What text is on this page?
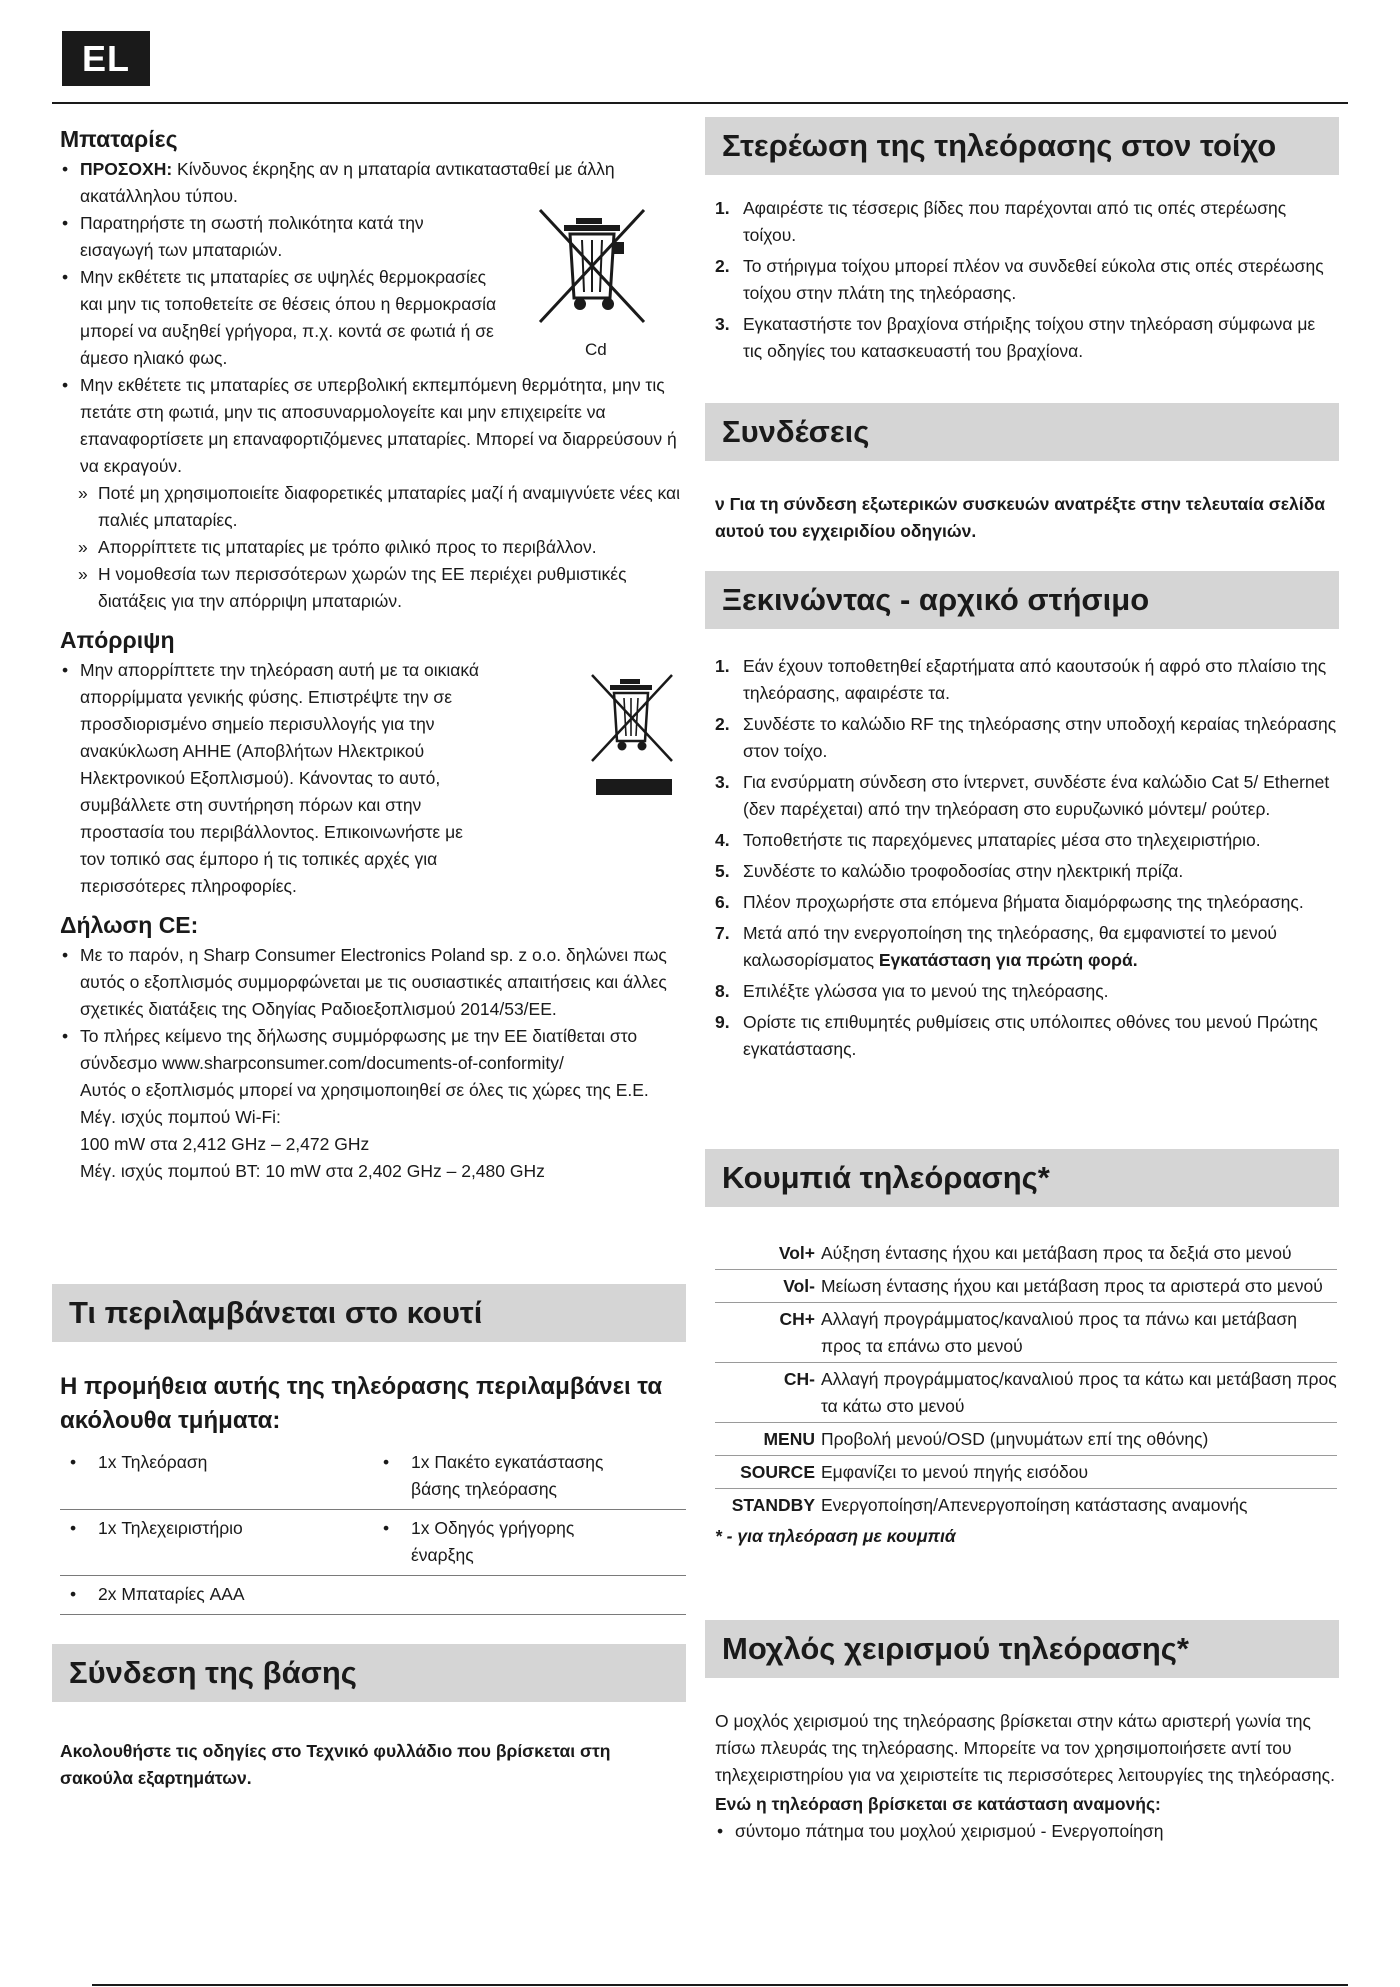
EL
Μπαταρίες
• ΠΡΟΣΟΧΗ: Κίνδυνος έκρηξης αν η μπαταρία αντικατασταθεί με άλλη ακατάλληλου τύπου.
• Παρατηρήστε τη σωστή πολικότητα κατά την εισαγωγή των μπαταριών.
• Μην εκθέτετε τις μπαταρίες σε υψηλές θερμοκρασίες και μην τις τοποθετείτε σε θέσεις όπου η θερμοκρασία μπορεί να αυξηθεί γρήγορα, π.χ. κοντά σε φωτιά ή σε άμεσο ηλιακό φως.
• Μην εκθέτετε τις μπαταρίες σε υπερβολική εκπεμπόμενη θερμότητα, μην τις πετάτε στη φωτιά, μην τις αποσυναρμολογείτε και μην επιχειρείτε να επαναφορτίσετε μη επαναφορτιζόμενες μπαταρίες. Μπορεί να διαρρεύσουν ή να εκραγούν.
» Ποτέ μη χρησιμοποιείτε διαφορετικές μπαταρίες μαζί ή αναμιγνύετε νέες και παλιές μπαταρίες.
» Απορρίπτετε τις μπαταρίες με τρόπο φιλικό προς το περιβάλλον.
» Η νομοθεσία των περισσότερων χωρών της ΕΕ περιέχει ρυθμιστικές διατάξεις για την απόρριψη μπαταριών.
Cd
Απόρριψη
• Μην απορρίπτετε την τηλεόραση αυτή με τα οικιακά απορρίμματα γενικής φύσης. Επιστρέψτε την σε προσδιορισμένο σημείο περισυλλογής για την ανακύκλωση ΑΗΗΕ (Αποβλήτων Ηλεκτρικού Ηλεκτρονικού Εξοπλισμού). Κάνοντας το αυτό, συμβάλλετε στη συντήρηση πόρων και στην προστασία του περιβάλλοντος. Επικοινωνήστε με τον τοπικό σας έμπορο ή τις τοπικές αρχές για περισσότερες πληροφορίες.
Δήλωση CE:
• Με το παρόν, η Sharp Consumer Electronics Poland sp. z o.o. δηλώνει πως αυτός ο εξοπλισμός συμμορφώνεται με τις ουσιαστικές απαιτήσεις και άλλες σχετικές διατάξεις της Οδηγίας Ραδιοεξοπλισμού 2014/53/ΕΕ.
• Το πλήρες κείμενο της δήλωσης συμμόρφωσης με την ΕΕ διατίθεται στο σύνδεσμο www.sharpconsumer.com/documents-of-conformity/
Αυτός ο εξοπλισμός μπορεί να χρησιμοποιηθεί σε όλες τις χώρες της Ε.Ε.
Μέγ. ισχύς πομπού Wi-Fi:
100 mW στα 2,412 GHz – 2,472 GHz
Μέγ. ισχύς πομπού BT: 10 mW στα 2,402 GHz – 2,480 GHz
Τι περιλαμβάνεται στο κουτί
Η προμήθεια αυτής της τηλεόρασης περιλαμβάνει τα ακόλουθα τμήματα:
• 1x Τηλεόραση	• 1x Πακέτο εγκατάστασης βάσης τηλεόρασης

• 1x Τηλεχειριστήριο	• 1x Οδηγός γρήγορης έναρξης

• 2x Μπαταρίες AAA

Σύνδεση της βάσης
Ακολουθήστε τις οδηγίες στο Τεχνικό φυλλάδιο που βρίσκεται στη σακούλα εξαρτημάτων.
Στερέωση της τηλεόρασης στον τοίχο
1. Αφαιρέστε τις τέσσερις βίδες που παρέχονται από τις οπές στερέωσης τοίχου.
2. Το στήριγμα τοίχου μπορεί πλέον να συνδεθεί εύκολα στις οπές στερέωσης τοίχου στην πλάτη της τηλεόρασης.
3. Εγκαταστήστε τον βραχίονα στήριξης τοίχου στην τηλεόραση σύμφωνα με τις οδηγίες του κατασκευαστή του βραχίονα.
Συνδέσεις
ν Για τη σύνδεση εξωτερικών συσκευών ανατρέξτε στην τελευταία σελίδα αυτού του εγχειριδίου οδηγιών.
Ξεκινώντας - αρχικό στήσιμο
1. Εάν έχουν τοποθετηθεί εξαρτήματα από καουτσούκ ή αφρό στο πλαίσιο της τηλεόρασης, αφαιρέστε τα.
2. Συνδέστε το καλώδιο RF της τηλεόρασης στην υποδοχή κεραίας τηλεόρασης στον τοίχο.
3. Για ενσύρματη σύνδεση στο ίντερνετ, συνδέστε ένα καλώδιο Cat 5/ Ethernet (δεν παρέχεται) από την τηλεόραση στο ευρυζωνικό μόντεμ/ ρούτερ.
4. Τοποθετήστε τις παρεχόμενες μπαταρίες μέσα στο τηλεχειριστήριο.
5. Συνδέστε το καλώδιο τροφοδοσίας στην ηλεκτρική πρίζα.
6. Πλέον προχωρήστε στα επόμενα βήματα διαμόρφωσης της τηλεόρασης.
7. Μετά από την ενεργοποίηση της τηλεόρασης, θα εμφανιστεί το μενού καλωσορίσματος Εγκατάσταση για πρώτη φορά.
8. Επιλέξτε γλώσσα για το μενού της τηλεόρασης.
9. Ορίστε τις επιθυμητές ρυθμίσεις στις υπόλοιπες οθόνες του μενού Πρώτης εγκατάστασης.
Κουμπιά τηλεόρασης*
Vol+	Αύξηση έντασης ήχου και μετάβαση προς τα δεξιά στο μενού
Vol-	Μείωση έντασης ήχου και μετάβαση προς τα αριστερά στο μενού
CH+	Αλλαγή προγράμματος/καναλιού προς τα πάνω και μετάβαση προς τα επάνω στο μενού
CH-	Αλλαγή προγράμματος/καναλιού προς τα κάτω και μετάβαση προς τα κάτω στο μενού
MENU	Προβολή μενού/OSD (μηνυμάτων επί της οθόνης)
SOURCE	Εμφανίζει το μενού πηγής εισόδου
STANDBY	Ενεργοποίηση/Απενεργοποίηση κατάστασης αναμονής
* - για τηλεόραση με κουμπιά
Μοχλός χειρισμού τηλεόρασης*
Ο μοχλός χειρισμού της τηλεόρασης βρίσκεται στην κάτω αριστερή γωνία της πίσω πλευράς της τηλεόρασης. Μπορείτε να τον χρησιμοποιήσετε αντί του τηλεχειριστηρίου για να χειριστείτε τις περισσότερες λειτουργίες της τηλεόρασης.
Ενώ η τηλεόραση βρίσκεται σε κατάσταση αναμονής:
• σύντομο πάτημα του μοχλού χειρισμού - Ενεργοποίηση
